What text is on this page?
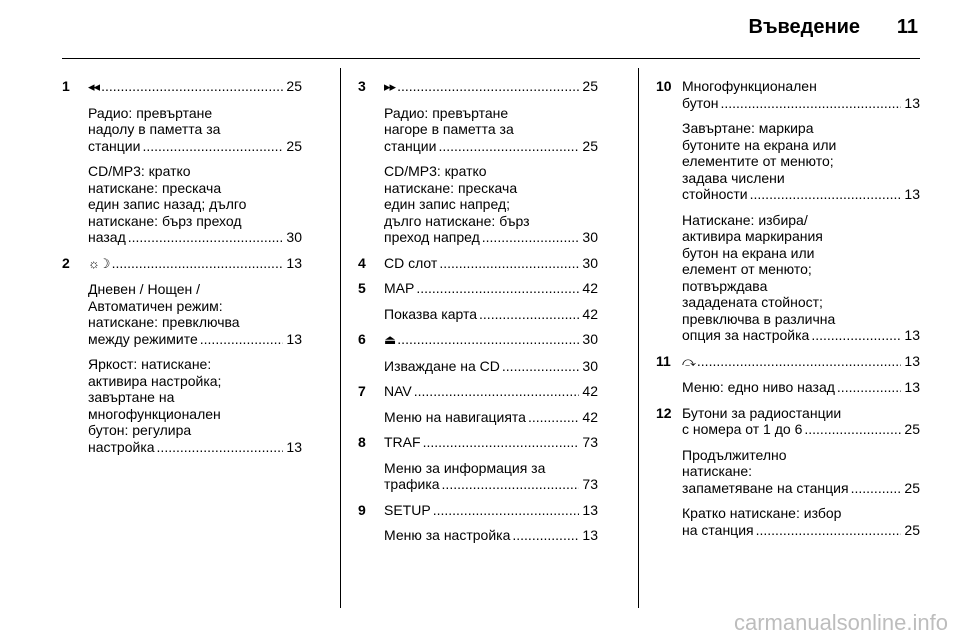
Въведение 11
1 ◂◂ .....	25
Радио: превъртане
надолу в паметта за
станции .....	25
CD/MP3: кратко
натискане: прескача
един запис назад; дълго
натискане: бърз преход
назад .....	30
2 ☼☽ .....	13
Дневен / Нощен /
Автоматичен режим:
натискане: превключва
между режимите .....	13
Яркост: натискане:
активира настройка;
завъртане на
многофункционален
бутон: регулира
настройка .....	13
3 ▸▸ .....	25
Радио: превъртане
нагоре в паметта за
станции .....	25
CD/MP3: кратко
натискане: прескача
един запис напред;
дълго натискане: бърз
преход напред .....	30
4 CD слот .....	30
5 MAP .....	42
Показва карта .....	42
6 ⏏ .....	30
Изваждане на CD .....	30
7 NAV .....	42
Меню на навигацията .....	42
8 TRAF .....	73
Меню за информация за
трафика .....	73
9 SETUP .....	13
Меню за настройка .....	13
10 Многофункционален
бутон .....	13
Завъртане: маркира
бутоните на екрана или
елементите от менюто;
задава числени
стойности .....	13
Натискане: избира/
активира маркирания
бутон на екрана или
елемент от менюто;
потвърждава
зададената стойност;
превключва в различна
опция за настройка .....	13
11 ⤼ .....	13
Меню: едно ниво назад .....	13
12 Бутони за радиостанции
с номера от 1 до 6 .....	25
Продължително
натискане:
запаметяване на станция .....	25
Кратко натискане: избор
на станция .....	25
carmanualsonline.info
